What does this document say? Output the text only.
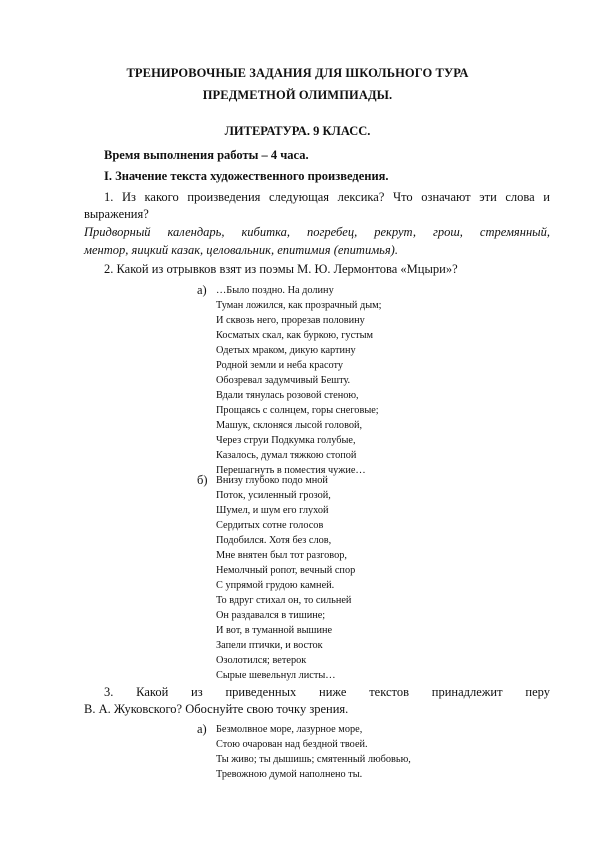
ТРЕНИРОВОЧНЫЕ ЗАДАНИЯ ДЛЯ ШКОЛЬНОГО ТУРА
ПРЕДМЕТНОЙ ОЛИМПИАДЫ.
ЛИТЕРАТУРА. 9 КЛАСС.
Время выполнения работы – 4 часа.
I. Значение текста художественного произведения.
1. Из какого произведения следующая лексика? Что означают эти слова и
выражения?
Придворный календарь, кибитка, погребец, рекрут, грош, стремянный,
ментор, яицкий казак, целовальник, епитимия (епитимья).
2. Какой из отрывков взят из поэмы М. Ю. Лермонтова «Мцыри»?
а) …Было поздно. На долину
Туман ложился, как прозрачный дым;
И сквозь него, прорезав половину
Косматых скал, как буркою, густым
Одетых мраком, дикую картину
Родной земли и неба красоту
Обозревал задумчивый Бешту.
Вдали тянулась розовой стеною,
Прощаясь с солнцем, горы снеговые;
Машук, склоняся лысой головой,
Через струи Подкумка голубые,
Казалось, думал тяжкою стопой
Перешагнуть в поместия чужие…
б) Внизу глубоко подо мной
Поток, усиленный грозой,
Шумел, и шум его глухой
Сердитых сотне голосов
Подобился. Хотя без слов,
Мне внятен был тот разговор,
Немолчный ропот, вечный спор
С упрямой грудою камней.
То вдруг стихал он, то сильней
Он раздавался в тишине;
И вот, в туманной вышине
Запели птички, и восток
Озолотился; ветерок
Сырые шевельнул листы…
3. Какой из приведенных ниже текстов принадлежит перу
В. А. Жуковского? Обоснуйте свою точку зрения.
а) Безмолвное море, лазурное море,
Стою очарован над бездной твоей.
Ты живо; ты дышишь; смятенный любовью,
Тревожною думой наполнено ты.
